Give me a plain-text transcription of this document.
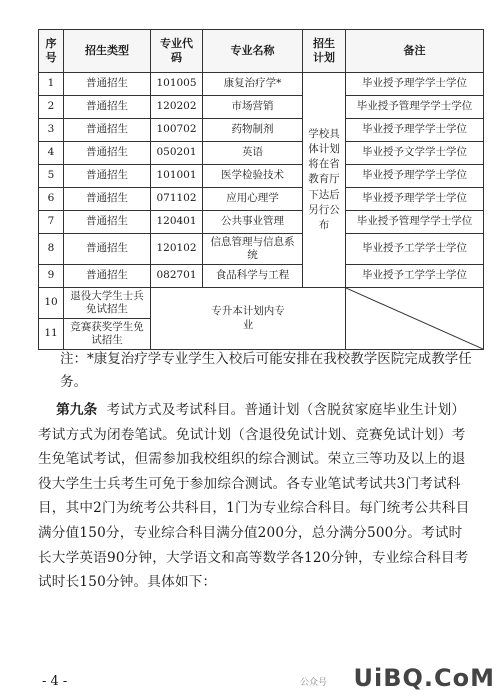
序号	招生类型	专业代码	专业名称	招生计划	备注
1	普通招生	101005	康复治疗学*	学校具体计划将在省教育厅下达后另行公布	毕业授予理学学士学位
2	普通招生	120202	市场营销		毕业授予管理学学士学位
3	普通招生	100702	药物制剂		毕业授予理学学士学位
4	普通招生	050201	英语		毕业授予文学学士学位
5	普通招生	101001	医学检验技术		毕业授予理学学士学位
6	普通招生	071102	应用心理学		毕业授予理学学士学位
7	普通招生	120401	公共事业管理		毕业授予管理学学士学位
8	普通招生	120102	信息管理与信息系统		毕业授予工学学士学位
9	普通招生	082701	食品科学与工程		毕业授予工学学士学位
10	退役大学生士兵免试招生	专升本计划内专业	

11	竞赛获奖学生免试招生				
注：*康复治疗学专业学生入校后可能安排在我校教学医院完成教学任务。
第九条 考试方式及考试科目。普通计划（含脱贫家庭毕业生计划）考试方式为闭卷笔试。免试计划（含退役免试计划、竞赛免试计划）考生免笔试考试，但需参加我校组织的综合测试。荣立三等功及以上的退役大学生士兵考生可免于参加综合测试。各专业笔试考试共3门考试科目，其中2门为统考公共科目，1门为专业综合科目。每门统考公共科目满分值150分，专业综合科目满分值200分，总分满分500分。考试时长大学英语90分钟，大学语文和高等数学各120分钟，专业综合科目考试时长150分钟。具体如下：
- 4 -	公众号	UiBQ.CoM
